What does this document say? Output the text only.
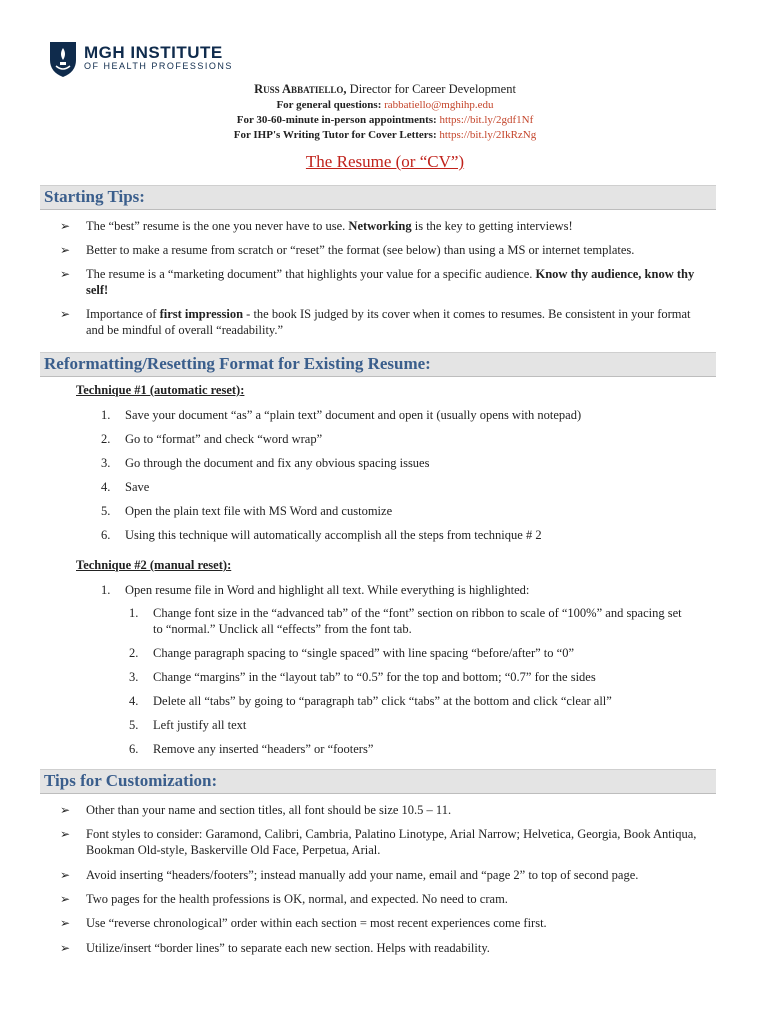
MGH INSTITUTE
OF HEALTH PROFESSIONS
Russ Abbatiello, Director for Career Development
For general questions: rabbatiello@mghihp.edu
For 30-60-minute in-person appointments: https://bit.ly/2gdf1Nf
For IHP's Writing Tutor for Cover Letters: https://bit.ly/2IkRzNg
The Resume (or “CV”)
Starting Tips:
➢ The “best” resume is the one you never have to use. Networking is the key to getting interviews!
➢ Better to make a resume from scratch or “reset” the format (see below) than using a MS or internet templates.
➢ The resume is a “marketing document” that highlights your value for a specific audience. Know thy audience, know thy self!
➢ Importance of first impression - the book IS judged by its cover when it comes to resumes. Be consistent in your format and be mindful of overall “readability.”
Reformatting/Resetting Format for Existing Resume:
Technique #1 (automatic reset):
1. Save your document “as” a “plain text” document and open it (usually opens with notepad)
2. Go to “format” and check “word wrap”
3. Go through the document and fix any obvious spacing issues
4. Save
5. Open the plain text file with MS Word and customize
6. Using this technique will automatically accomplish all the steps from technique # 2
Technique #2 (manual reset):
1. Open resume file in Word and highlight all text. While everything is highlighted:
1. Change font size in the “advanced tab” of the “font” section on ribbon to scale of “100%” and spacing set to “normal.” Unclick all “effects” from the font tab.
2. Change paragraph spacing to “single spaced” with line spacing “before/after” to “0”
3. Change “margins” in the “layout tab” to “0.5” for the top and bottom; “0.7” for the sides
4. Delete all “tabs” by going to “paragraph tab” click “tabs” at the bottom and click “clear all”
5. Left justify all text
6. Remove any inserted “headers” or “footers”
Tips for Customization:
➢ Other than your name and section titles, all font should be size 10.5 – 11.
➢ Font styles to consider: Garamond, Calibri, Cambria, Palatino Linotype, Arial Narrow; Helvetica, Georgia, Book Antiqua, Bookman Old-style, Baskerville Old Face, Perpetua, Arial.
➢ Avoid inserting “headers/footers”; instead manually add your name, email and “page 2” to top of second page.
➢ Two pages for the health professions is OK, normal, and expected. No need to cram.
➢ Use “reverse chronological” order within each section = most recent experiences come first.
➢ Utilize/insert “border lines” to separate each new section. Helps with readability.
